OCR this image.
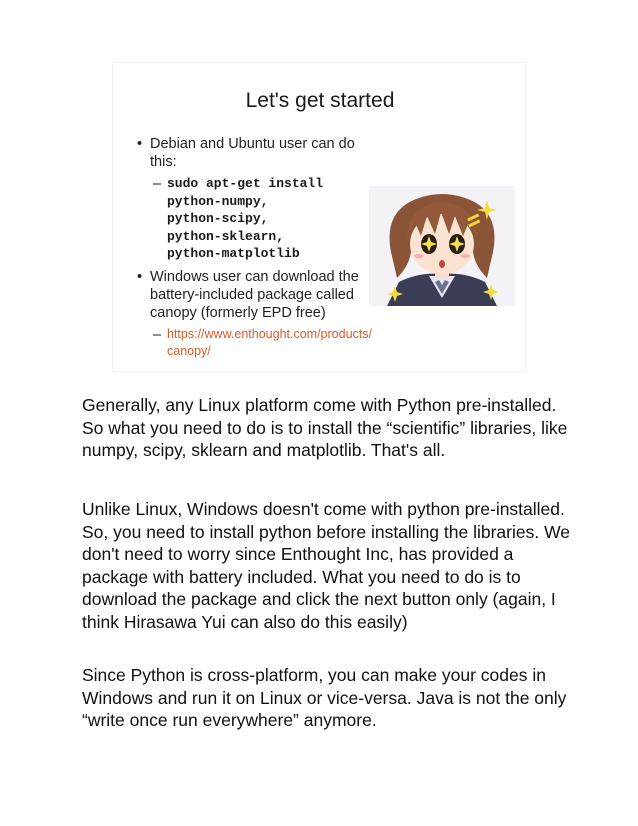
Let's get started
• Debian and Ubuntu user can do this:
– sudo apt-get install
python-numpy,
python-scipy,
python-sklearn,
python-matplotlib
• Windows user can download the battery-included package called canopy (formerly EPD free)
– https://www.enthought.com/products/canopy/

Generally, any Linux platform come with Python pre-installed. So what you need to do is to install the “scientific” libraries, like numpy, scipy, sklearn and matplotlib. That's all.

Unlike Linux, Windows doesn't come with python pre-installed. So, you need to install python before installing the libraries. We don't need to worry since Enthought Inc, has provided a package with battery included. What you need to do is to download the package and click the next button only (again, I think Hirasawa Yui can also do this easily)

Since Python is cross-platform, you can make your codes in Windows and run it on Linux or vice-versa. Java is not the only “write once run everywhere” anymore.
